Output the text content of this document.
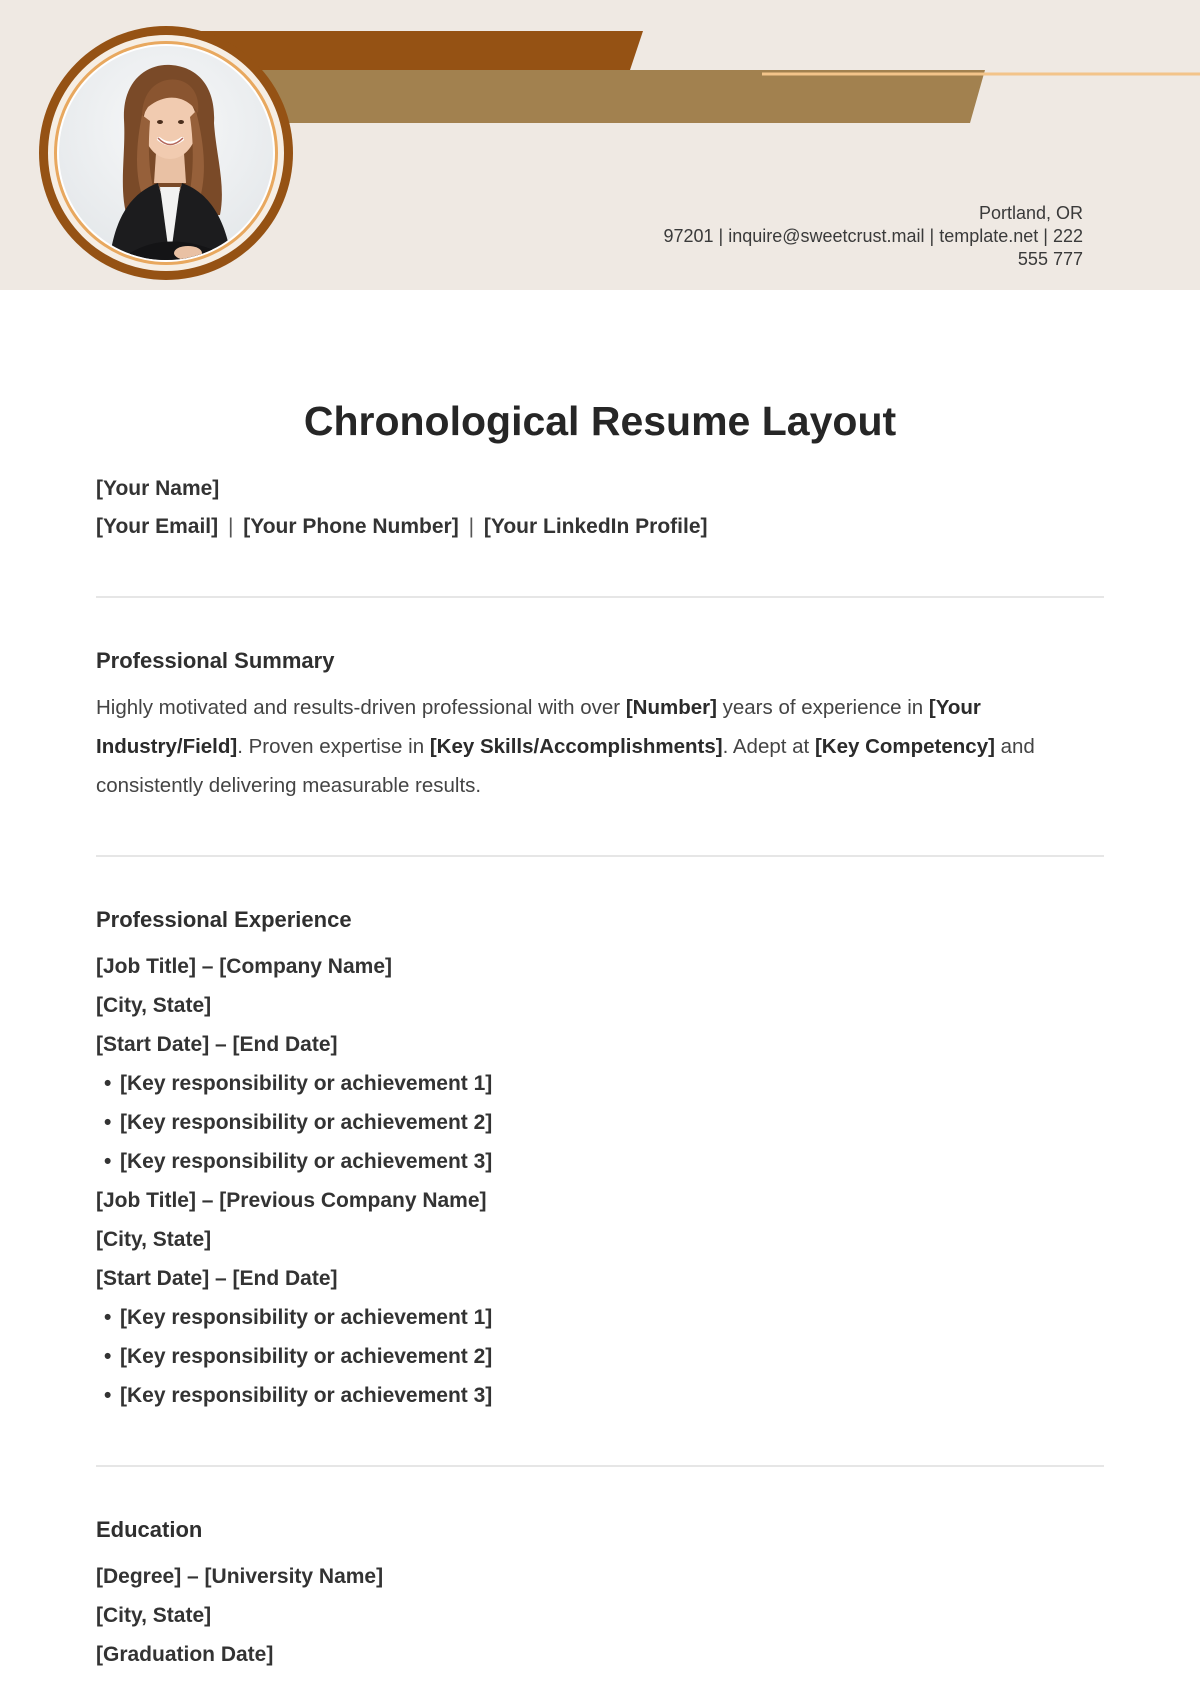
Portland, OR
97201 | inquire@sweetcrust.mail | template.net | 222
555 777
Chronological Resume Layout
[Your Name]
[Your Email] | [Your Phone Number] | [Your LinkedIn Profile]
Professional Summary
Highly motivated and results-driven professional with over [Number] years of experience in [Your Industry/Field]. Proven expertise in [Key Skills/Accomplishments]. Adept at [Key Competency] and consistently delivering measurable results.
Professional Experience
[Job Title] – [Company Name]
[City, State]
[Start Date] – [End Date]
• [Key responsibility or achievement 1]
• [Key responsibility or achievement 2]
• [Key responsibility or achievement 3]
[Job Title] – [Previous Company Name]
[City, State]
[Start Date] – [End Date]
• [Key responsibility or achievement 1]
• [Key responsibility or achievement 2]
• [Key responsibility or achievement 3]
Education
[Degree] – [University Name]
[City, State]
[Graduation Date]
